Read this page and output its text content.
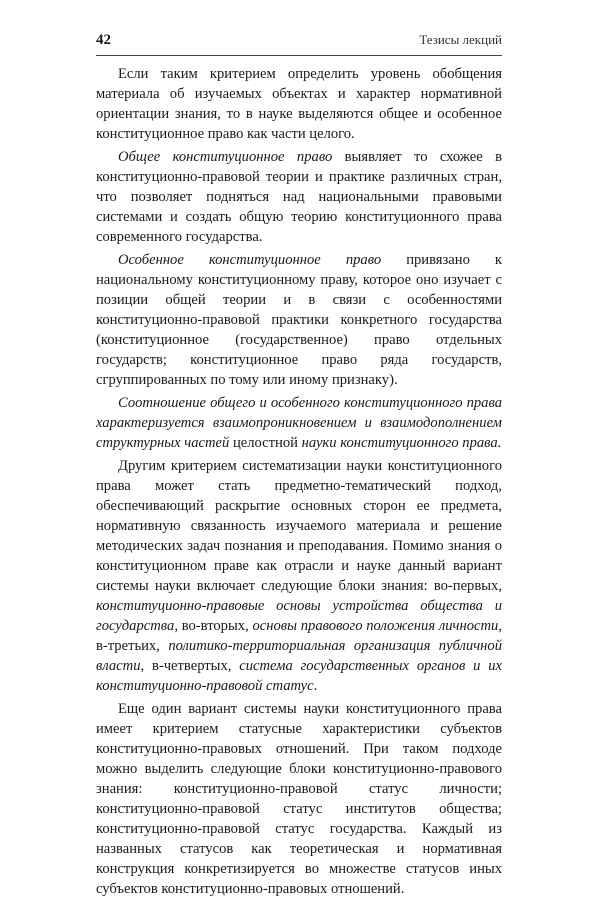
42	Тезисы лекций

Если таким критерием определить уровень обобщения материала об изучаемых объектах и характер нормативной ориентации знания, то в науке выделяются общее и особенное конституционное право как части целого.

Общее конституционное право выявляет то схожее в конституционно-правовой теории и практике различных стран, что позволяет подняться над национальными правовыми системами и создать общую теорию конституционного права современного государства.

Особенное конституционное право привязано к национальному конституционному праву, которое оно изучает с позиции общей теории и в связи с особенностями конституционно-правовой практики конкретного государства (конституционное (государственное) право отдельных государств; конституционное право ряда государств, сгруппированных по тому или иному признаку).

Соотношение общего и особенного конституционного права характеризуется взаимопроникновением и взаимодополнением структурных частей целостной науки конституционного права.

Другим критерием систематизации науки конституционного права может стать предметно-тематический подход, обеспечивающий раскрытие основных сторон ее предмета, нормативную связанность изучаемого материала и решение методических задач познания и преподавания. Помимо знания о конституционном праве как отрасли и науке данный вариант системы науки включает следующие блоки знания: во-первых, конституционно-правовые основы устройства общества и государства, во-вторых, основы правового положения личности, в-третьих, политико-территориальная организация публичной власти, в-четвертых, система государственных органов и их конституционно-правовой статус.

Еще один вариант системы науки конституционного права имеет критерием статусные характеристики субъектов конституционно-правовых отношений. При таком подходе можно выделить следующие блоки конституционно-правового знания: конституционно-правовой статус личности; конституционно-правовой статус институтов общества; конституционно-правовой статус государства. Каждый из названных статусов как теоретическая и нормативная конструкция конкретизируется во множестве статусов иных субъектов конституционно-правовых отношений.
